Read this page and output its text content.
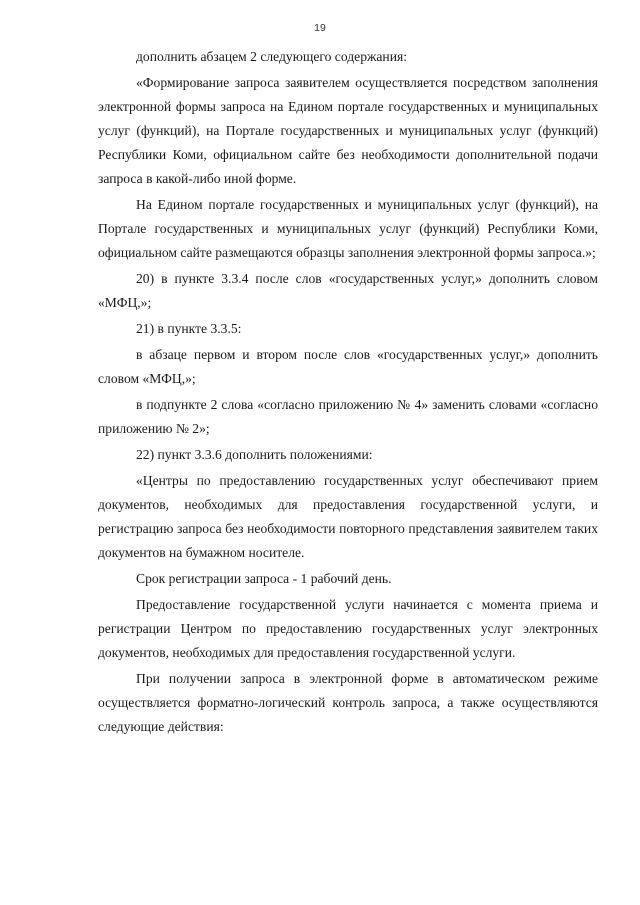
19

дополнить абзацем 2 следующего содержания:

«Формирование запроса заявителем осуществляется посредством заполнения электронной формы запроса на Едином портале государственных и муниципальных услуг (функций), на Портале государственных и муниципальных услуг (функций) Республики Коми, официальном сайте без необходимости дополнительной подачи запроса в какой-либо иной форме.

На Едином портале государственных и муниципальных услуг (функций), на Портале государственных и муниципальных услуг (функций) Республики Коми, официальном сайте размещаются образцы заполнения электронной формы запроса.»;

20) в пункте 3.3.4 после слов «государственных услуг,» дополнить словом «МФЦ,»;

21) в пункте 3.3.5:

в абзаце первом и втором после слов «государственных услуг,» дополнить словом «МФЦ,»;

в подпункте 2 слова «согласно приложению № 4» заменить словами «согласно приложению № 2»;

22) пункт 3.3.6 дополнить положениями:

«Центры по предоставлению государственных услуг обеспечивают прием документов, необходимых для предоставления государственной услуги, и регистрацию запроса без необходимости повторного представления заявителем таких документов на бумажном носителе.

Срок регистрации запроса - 1 рабочий день.

Предоставление государственной услуги начинается с момента приема и регистрации Центром по предоставлению государственных услуг электронных документов, необходимых для предоставления государственной услуги.

При получении запроса в электронной форме в автоматическом режиме осуществляется форматно-логический контроль запроса, а также осуществляются следующие действия:
